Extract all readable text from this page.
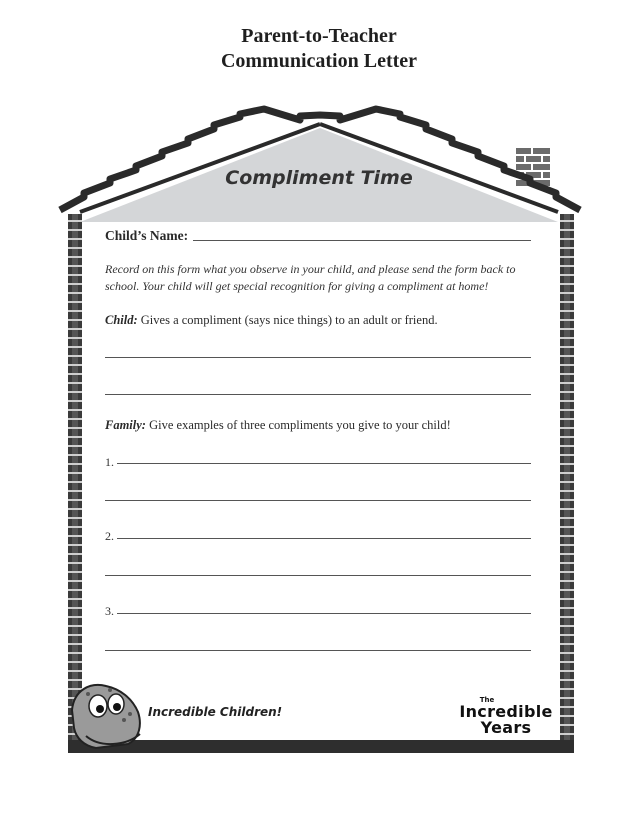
Parent-to-Teacher
Communication Letter
Compliment Time
Child’s Name:
Record on this form what you observe in your child, and please send the form back to school. Your child will get special recognition for giving a compliment at home!
Child: Gives a compliment (says nice things) to an adult or friend.
Family: Give examples of three compliments you give to your child!
1.
2.
3.
Incredible Children!
The
Incredible
Years
